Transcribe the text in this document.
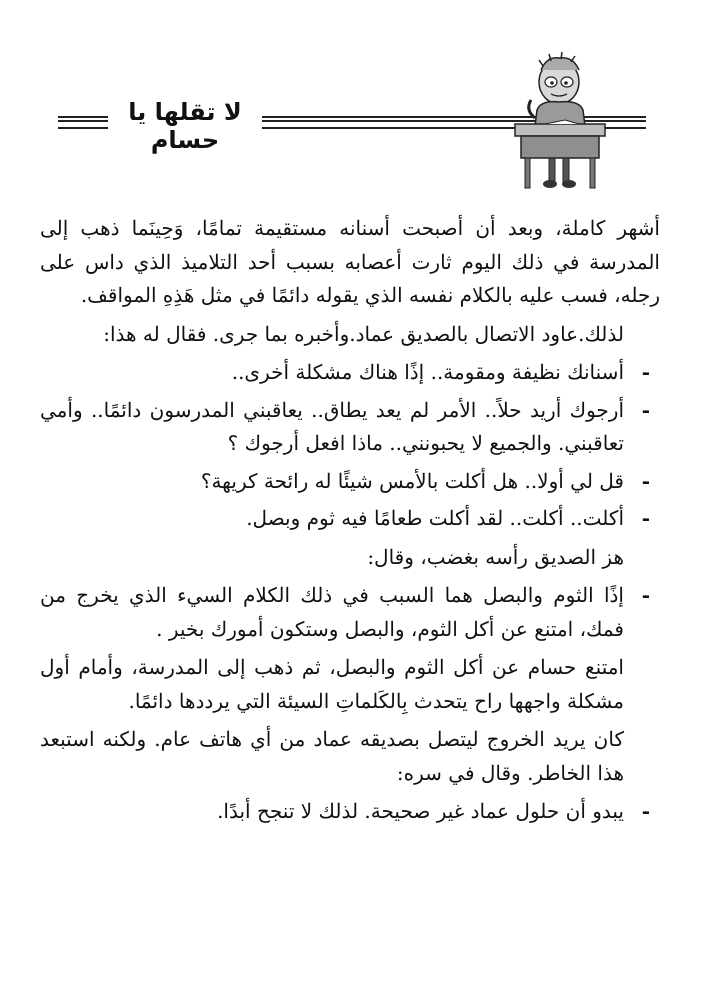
لا تقلها يا حسام

أشهر كاملة، وبعد أن أصبحت أسنانه مستقيمة تمامًا، وَحِينَما ذهب إلى المدرسة في ذلك اليوم ثارت أعصابه بسبب أحد التلاميذ الذي داس على رجله، فسب عليه بالكلام نفسه الذي يقوله دائمًا في مثل هَذِهِ المواقف.

لذلك.عاود الاتصال بالصديق عماد.وأخبره بما جرى. فقال له هذا:

- أسنانك نظيفة ومقومة.. إذًا هناك مشكلة أخرى..
- أرجوك أريد حلاً.. الأمر لم يعد يطاق.. يعاقبني المدرسون دائمًا.. وأمي تعاقبني. والجميع لا يحبونني.. ماذا افعل أرجوك ؟
- قل لي أولا.. هل أكلت بالأمس شيئًا له رائحة كريهة؟
- أكلت.. أكلت.. لقد أكلت طعامًا فيه ثوم وبصل.

هز الصديق رأسه بغضب، وقال:

- إذًا الثوم والبصل هما السبب في ذلك الكلام السيء الذي يخرج من فمك، امتنع عن أكل الثوم، والبصل وستكون أمورك بخير .

امتنع حسام عن أكل الثوم والبصل، ثم ذهب إلى المدرسة، وأمام أول مشكلة واجهها راح يتحدث بِالكَلماتِ السيئة التي يرددها دائمًا.

كان يريد الخروج ليتصل بصديقه عماد من أي هاتف عام. ولكنه استبعد هذا الخاطر. وقال في سره:

- يبدو أن حلول عماد غير صحيحة. لذلك لا تنجح أبدًا.
